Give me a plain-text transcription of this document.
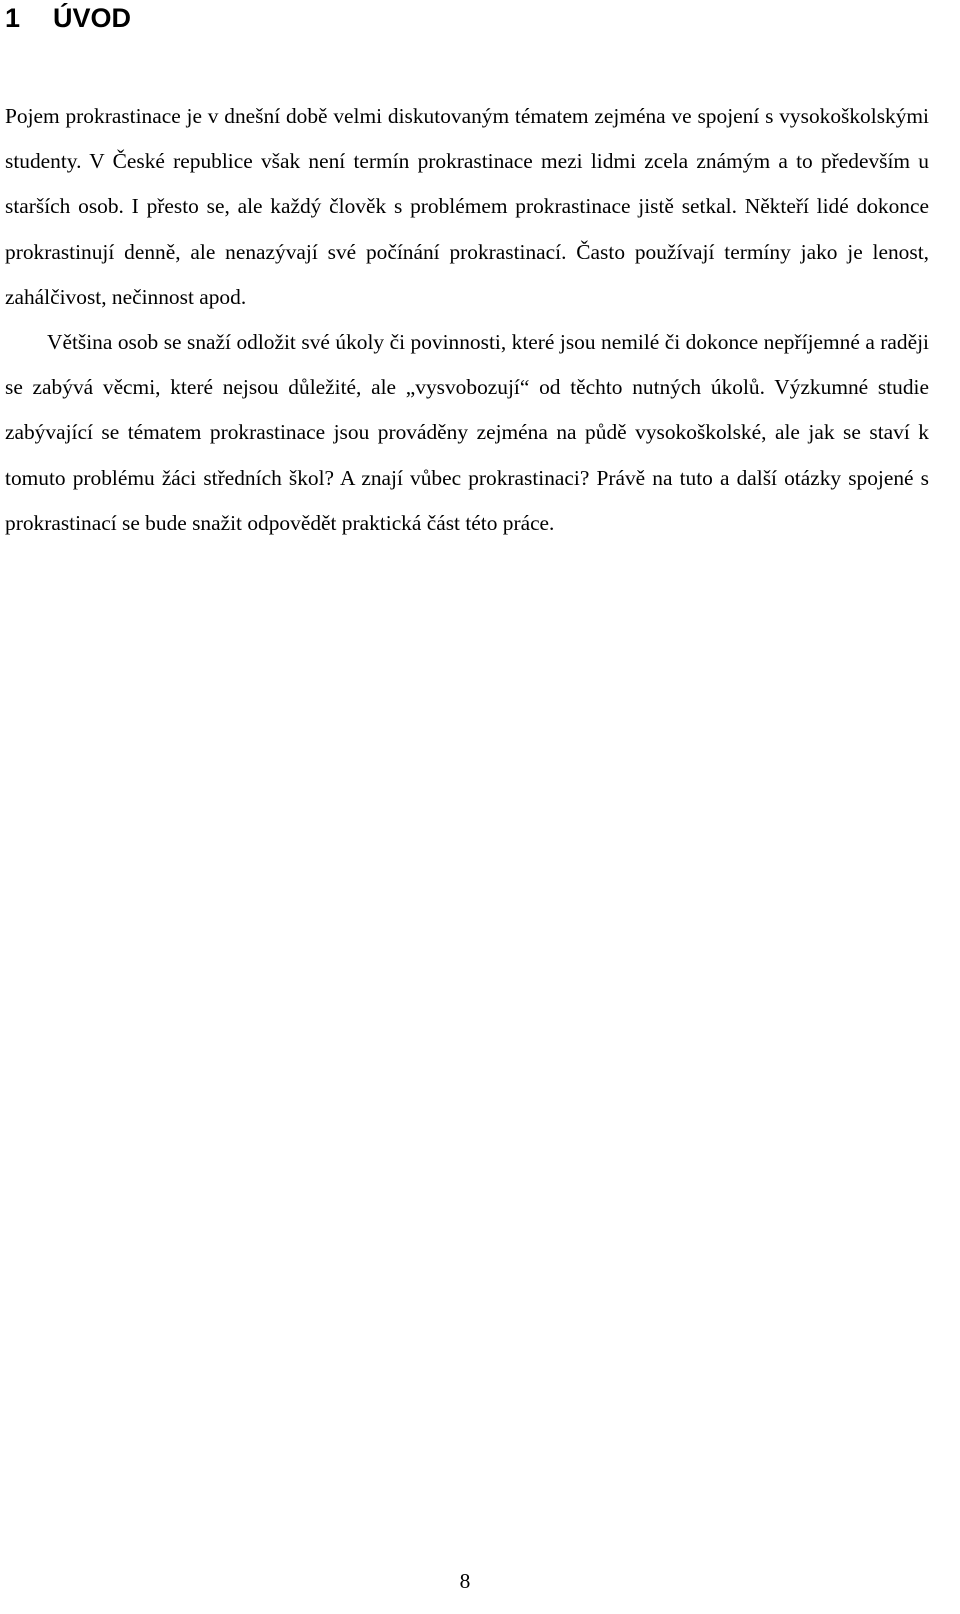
1 ÚVOD

Pojem prokrastinace je v dnešní době velmi diskutovaným tématem zejména ve spojení s vysokoškolskými studenty. V České republice však není termín prokrastinace mezi lidmi zcela známým a to především u starších osob. I přesto se, ale každý člověk s problémem prokrastinace jistě setkal. Někteří lidé dokonce prokrastinují denně, ale nenazývají své počínání prokrastinací. Často používají termíny jako je lenost, zahálčivost, nečinnost apod.

Většina osob se snaží odložit své úkoly či povinnosti, které jsou nemilé či dokonce nepříjemné a raději se zabývá věcmi, které nejsou důležité, ale „vysvobozují“ od těchto nutných úkolů. Výzkumné studie zabývající se tématem prokrastinace jsou prováděny zejména na půdě vysokoškolské, ale jak se staví k tomuto problému žáci středních škol? A znají vůbec prokrastinaci? Právě na tuto a další otázky spojené s prokrastinací se bude snažit odpovědět praktická část této práce.

8
